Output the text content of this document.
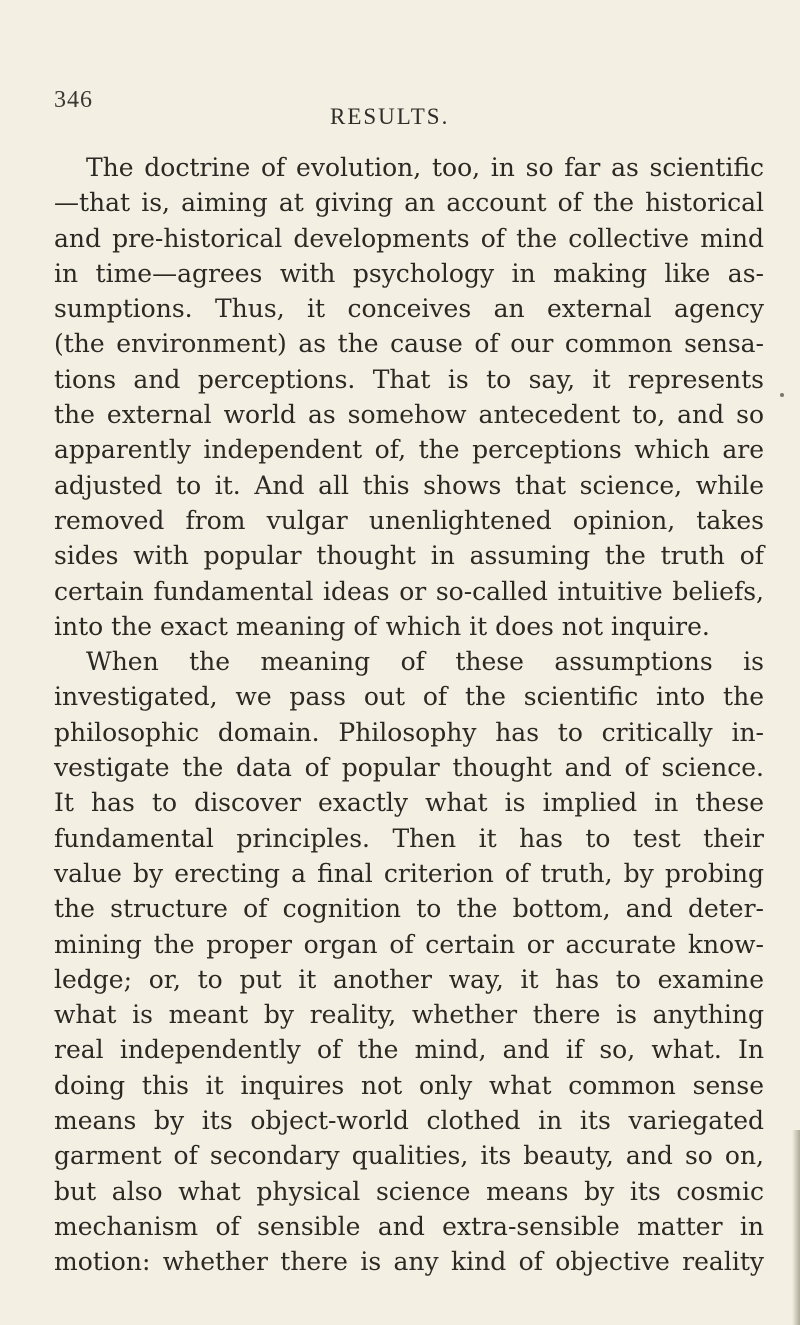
346
RESULTS.
The doctrine of evolution, too, in so far as scientific
—that is, aiming at giving an account of the historical
and pre-historical developments of the collective mind
in time—agrees with psychology in making like as-
sumptions. Thus, it conceives an external agency
(the environment) as the cause of our common sensa-
tions and perceptions. That is to say, it represents
the external world as somehow antecedent to, and so
apparently independent of, the perceptions which are
adjusted to it. And all this shows that science, while
removed from vulgar unenlightened opinion, takes
sides with popular thought in assuming the truth of
certain fundamental ideas or so-called intuitive beliefs,
into the exact meaning of which it does not inquire.
When the meaning of these assumptions is
investigated, we pass out of the scientific into the
philosophic domain. Philosophy has to critically in-
vestigate the data of popular thought and of science.
It has to discover exactly what is implied in these
fundamental principles. Then it has to test their
value by erecting a final criterion of truth, by probing
the structure of cognition to the bottom, and deter-
mining the proper organ of certain or accurate know-
ledge; or, to put it another way, it has to examine
what is meant by reality, whether there is anything
real independently of the mind, and if so, what. In
doing this it inquires not only what common sense
means by its object-world clothed in its variegated
garment of secondary qualities, its beauty, and so on,
but also what physical science means by its cosmic
mechanism of sensible and extra-sensible matter in
motion: whether there is any kind of objective reality
